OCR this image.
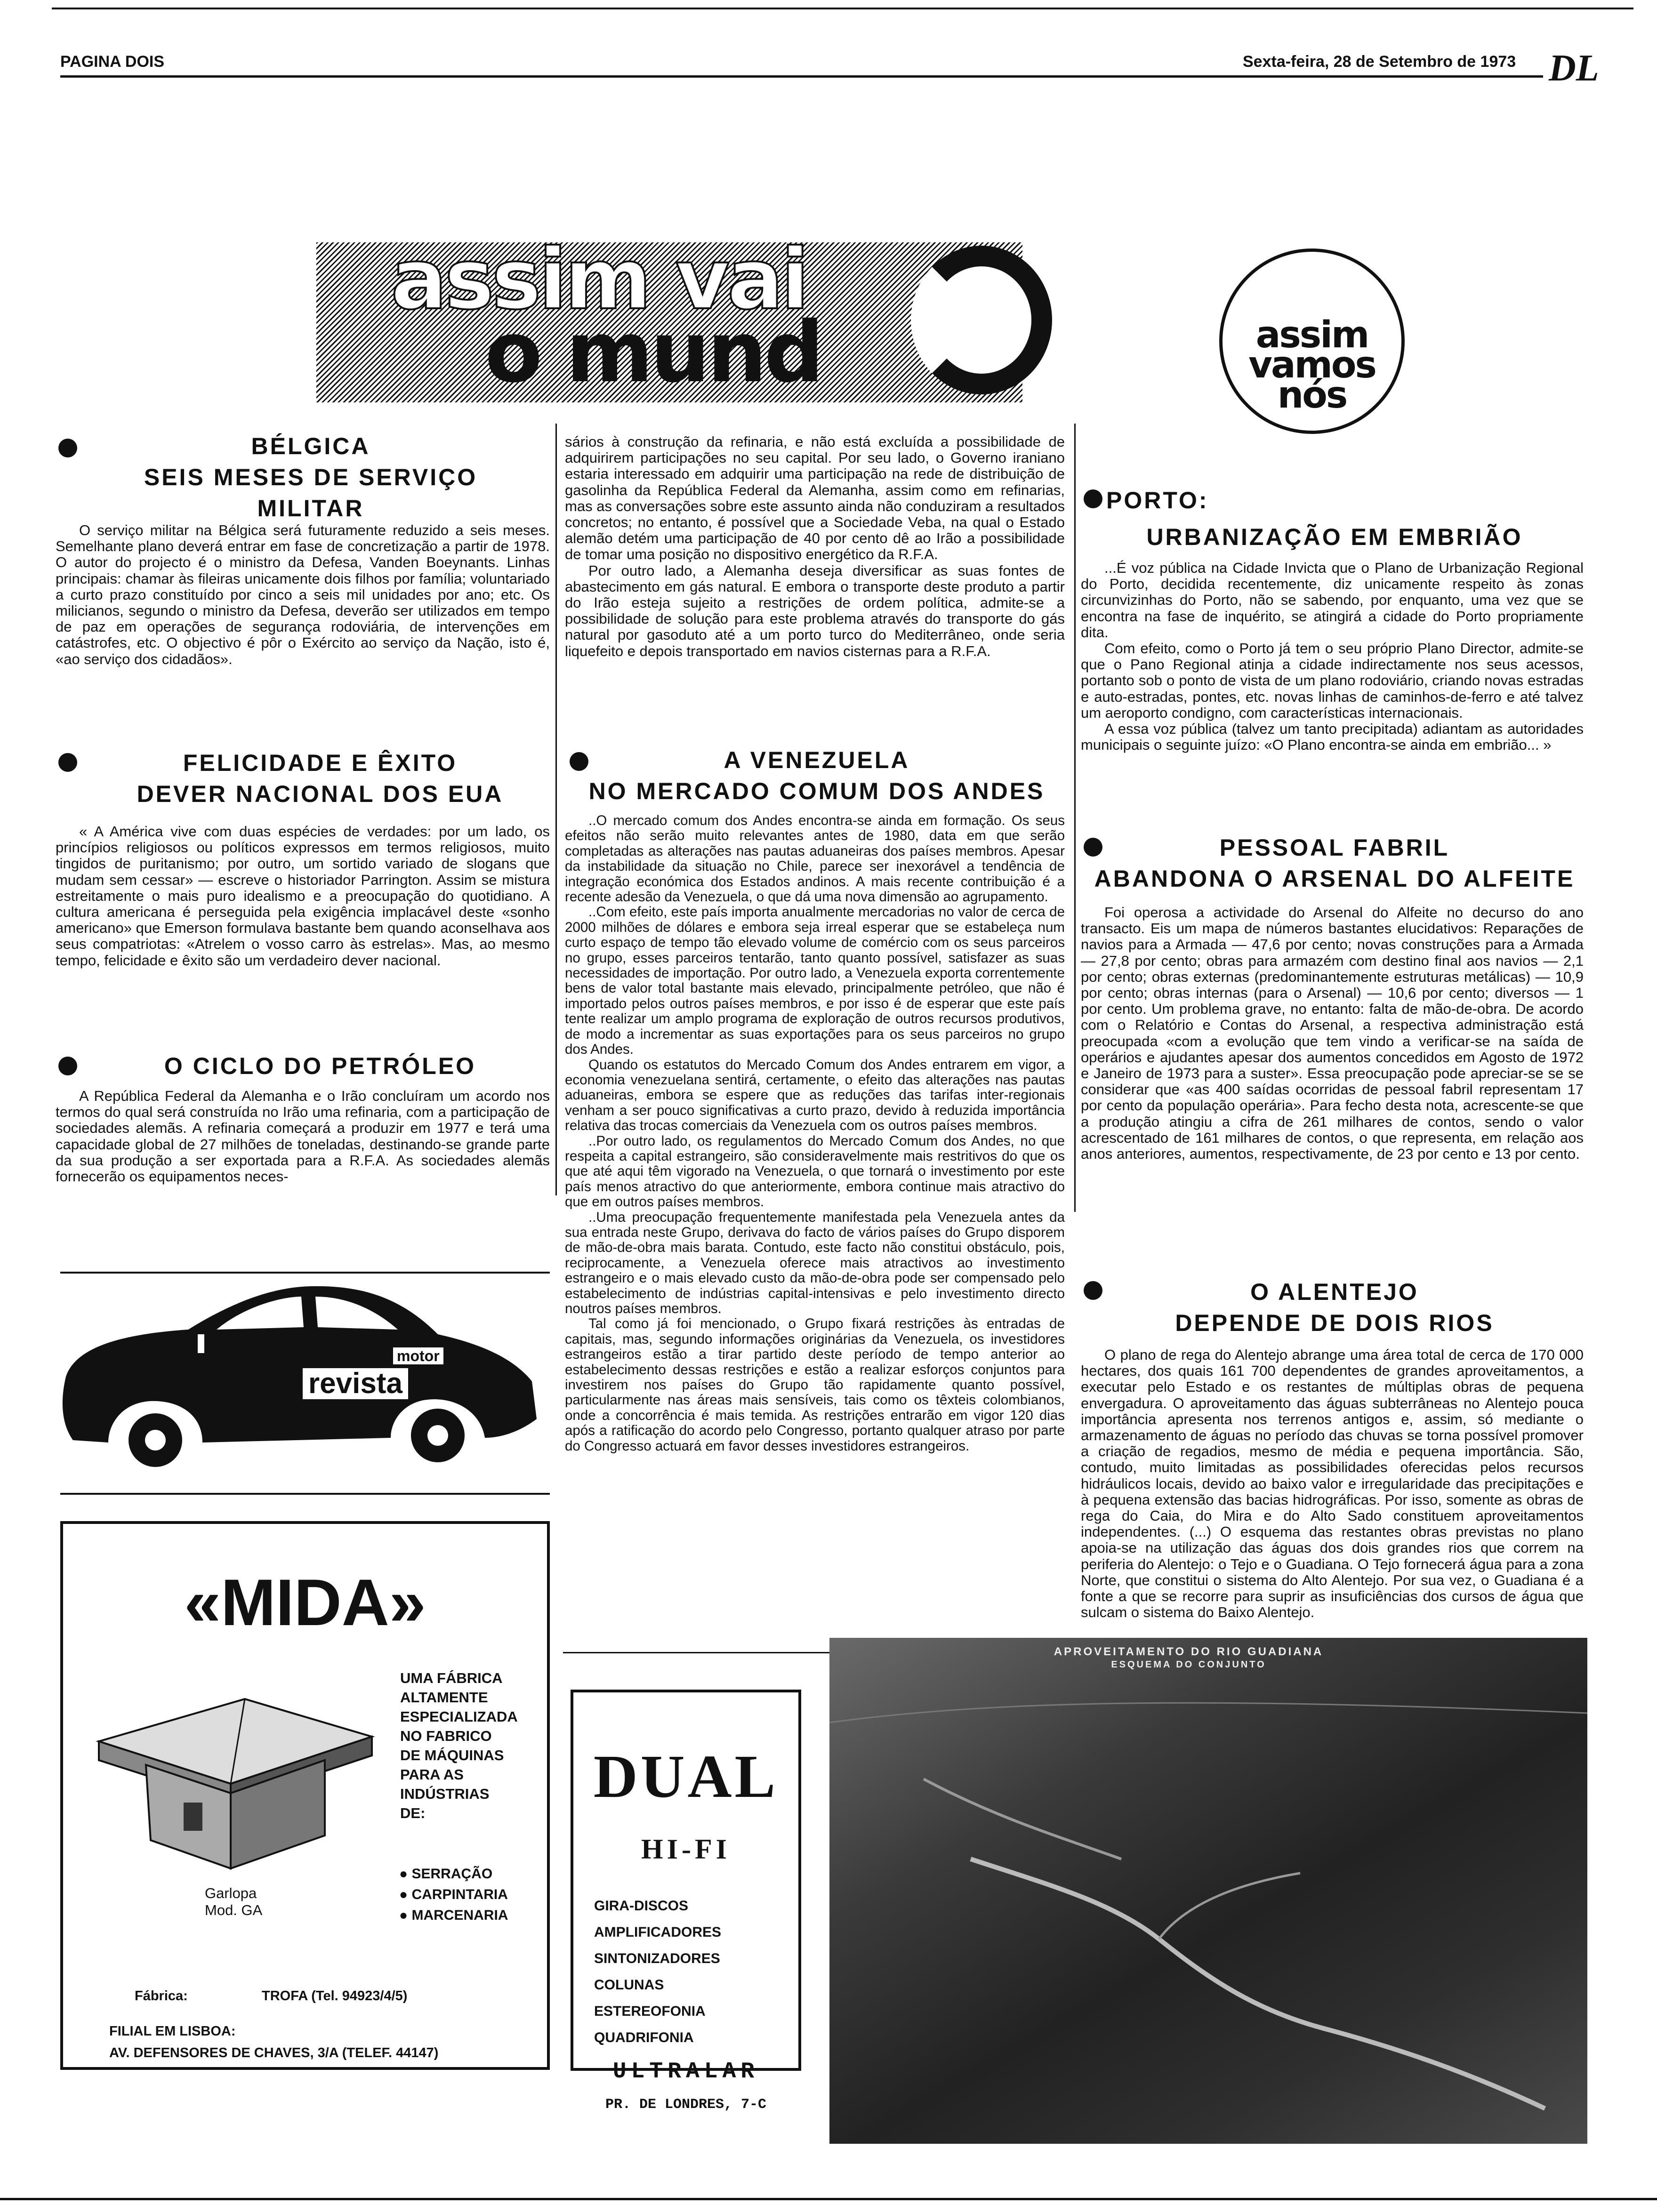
PAGINA DOIS	Sexta-feira, 28 de Setembro de 1973 DL
assim vai
o mund	assim
vamos
nós
BÉLGICA
SEIS MESES DE SERVIÇO
MILITAR

O serviço militar na Bélgica será futuramente reduzido a seis meses. Semelhante plano deverá entrar em fase de concretização a partir de 1978. O autor do projecto é o ministro da Defesa, Vanden Boeynants. Linhas principais: chamar às fileiras unicamente dois filhos por família; voluntariado a curto prazo constituído por cinco a seis mil unidades por ano; etc. Os milicianos, segundo o ministro da Defesa, deverão ser utilizados em tempo de paz em operações de segurança rodoviária, de intervenções em catástrofes, etc. O objectivo é pôr o Exército ao serviço da Nação, isto é, «ao serviço dos cidadãos».

FELICIDADE E ÊXITO
DEVER NACIONAL DOS EUA

« A América vive com duas espécies de verdades: por um lado, os princípios religiosos ou políticos expressos em termos religiosos, muito tingidos de puritanismo; por outro, um sortido variado de slogans que mudam sem cessar» — escreve o historiador Parrington. Assim se mistura estreitamente o mais puro idealismo e a preocupação do quotidiano. A cultura americana é perseguida pela exigência implacável deste «sonho americano» que Emerson formulava bastante bem quando aconselhava aos seus compatriotas: «Atrelem o vosso carro às estrelas». Mas, ao mesmo tempo, felicidade e êxito são um verdadeiro dever nacional.

O CICLO DO PETRÓLEO

A República Federal da Alemanha e o Irão concluíram um acordo nos termos do qual será construída no Irão uma refinaria, com a participação de sociedades alemãs. A refinaria começará a produzir em 1977 e terá uma capacidade global de 27 milhões de toneladas, destinando-se grande parte da sua produção a ser exportada para a R.F.A. As sociedades alemãs fornecerão os equipamentos neces-

sários à construção da refinaria, e não está excluída a possibilidade de adquirirem participações no seu capital. Por seu lado, o Governo iraniano estaria interessado em adquirir uma participação na rede de distribuição de gasolinha da República Federal da Alemanha, assim como em refinarias, mas as conversações sobre este assunto ainda não conduziram a resultados concretos; no entanto, é possível que a Sociedade Veba, na qual o Estado alemão detém uma participação de 40 por cento dê ao Irão a possibilidade de tomar uma posição no dispositivo energético da R.F.A.

Por outro lado, a Alemanha deseja diversificar as suas fontes de abastecimento em gás natural. E embora o transporte deste produto a partir do Irão esteja sujeito a restrições de ordem política, admite-se a possibilidade de solução para este problema através do transporte do gás natural por gasoduto até a um porto turco do Mediterrâneo, onde seria liquefeito e depois transportado em navios cisternas para a R.F.A.

A VENEZUELA
NO MERCADO COMUM DOS ANDES

..O mercado comum dos Andes encontra-se ainda em formação. Os seus efeitos não serão muito relevantes antes de 1980, data em que serão completadas as alterações nas pautas aduaneiras dos países membros. Apesar da instabilidade da situação no Chile, parece ser inexorável a tendência de integração económica dos Estados andinos. A mais recente contribuição é a recente adesão da Venezuela, o que dá uma nova dimensão ao agrupamento.

..Com efeito, este país importa anualmente mercadorias no valor de cerca de 2000 milhões de dólares e embora seja irreal esperar que se estabeleça num curto espaço de tempo tão elevado volume de comércio com os seus parceiros no grupo, esses parceiros tentarão, tanto quanto possível, satisfazer as suas necessidades de importação. Por outro lado, a Venezuela exporta correntemente bens de valor total bastante mais elevado, principalmente petróleo, que não é importado pelos outros países membros, e por isso é de esperar que este país tente realizar um amplo programa de exploração de outros recursos produtivos, de modo a incrementar as suas exportações para os seus parceiros no grupo dos Andes.

Quando os estatutos do Mercado Comum dos Andes entrarem em vigor, a economia venezuelana sentirá, certamente, o efeito das alterações nas pautas aduaneiras, embora se espere que as reduções das tarifas inter-regionais venham a ser pouco significativas a curto prazo, devido à reduzida importância relativa das trocas comerciais da Venezuela com os outros países membros.

..Por outro lado, os regulamentos do Mercado Comum dos Andes, no que respeita a capital estrangeiro, são consideravelmente mais restritivos do que os que até aqui têm vigorado na Venezuela, o que tornará o investimento por este país menos atractivo do que anteriormente, embora continue mais atractivo do que em outros países membros.

..Uma preocupação frequentemente manifestada pela Venezuela antes da sua entrada neste Grupo, derivava do facto de vários países do Grupo disporem de mão-de-obra mais barata. Contudo, este facto não constitui obstáculo, pois, reciprocamente, a Venezuela oferece mais atractivos ao investimento estrangeiro e o mais elevado custo da mão-de-obra pode ser compensado pelo estabelecimento de indústrias capital-intensivas e pelo investimento directo noutros países membros.

Tal como já foi mencionado, o Grupo fixará restrições às entradas de capitais, mas, segundo informações originárias da Venezuela, os investidores estrangeiros estão a tirar partido deste período de tempo anterior ao estabelecimento dessas restrições e estão a realizar esforços conjuntos para investirem nos países do Grupo tão rapidamente quanto possível, particularmente nas áreas mais sensíveis, tais como os têxteis colombianos, onde a concorrência é mais temida. As restrições entrarão em vigor 120 dias após a ratificação do acordo pelo Congresso, portanto qualquer atraso por parte do Congresso actuará em favor desses investidores estrangeiros.

PORTO:
URBANIZAÇÃO EM EMBRIÃO

...É voz pública na Cidade Invicta que o Plano de Urbanização Regional do Porto, decidida recentemente, diz unicamente respeito às zonas circunvizinhas do Porto, não se sabendo, por enquanto, uma vez que se encontra na fase de inquérito, se atingirá a cidade do Porto propriamente dita.

Com efeito, como o Porto já tem o seu próprio Plano Director, admite-se que o Pano Regional atinja a cidade indirectamente nos seus acessos, portanto sob o ponto de vista de um plano rodoviário, criando novas estradas e auto-estradas, pontes, etc. novas linhas de caminhos-de-ferro e até talvez um aeroporto condigno, com características internacionais.

A essa voz pública (talvez um tanto precipitada) adiantam as autoridades municipais o seguinte juízo: «O Plano encontra-se ainda em embrião... »

PESSOAL FABRIL
ABANDONA O ARSENAL DO ALFEITE

Foi operosa a actividade do Arsenal do Alfeite no decurso do ano transacto. Eis um mapa de números bastantes elucidativos: Reparações de navios para a Armada — 47,6 por cento; novas construções para a Armada — 27,8 por cento; obras para armazém com destino final aos navios — 2,1 por cento; obras externas (predominantemente estruturas metálicas) — 10,9 por cento; obras internas (para o Arsenal) — 10,6 por cento; diversos — 1 por cento. Um problema grave, no entanto: falta de mão-de-obra. De acordo com o Relatório e Contas do Arsenal, a respectiva administração está preocupada «com a evolução que tem vindo a verificar-se na saída de operários e ajudantes apesar dos aumentos concedidos em Agosto de 1972 e Janeiro de 1973 para a suster». Essa preocupação pode apreciar-se se se considerar que «as 400 saídas ocorridas de pessoal fabril representam 17 por cento da população operária». Para fecho desta nota, acrescente-se que a produção atingiu a cifra de 261 milhares de contos, sendo o valor acrescentado de 161 milhares de contos, o que representa, em relação aos anos anteriores, aumentos, respectivamente, de 23 por cento e 13 por cento.

O ALENTEJO
DEPENDE DE DOIS RIOS

O plano de rega do Alentejo abrange uma área total de cerca de 170 000 hectares, dos quais 161 700 dependentes de grandes aproveitamentos, a executar pelo Estado e os restantes de múltiplas obras de pequena envergadura. O aproveitamento das águas subterrâneas no Alentejo pouca importância apresenta nos terrenos antigos e, assim, só mediante o armazenamento de águas no período das chuvas se torna possível promover a criação de regadios, mesmo de média e pequena importância. São, contudo, muito limitadas as possibilidades oferecidas pelos recursos hidráulicos locais, devido ao baixo valor e irregularidade das precipitações e à pequena extensão das bacias hidrográficas. Por isso, somente as obras de rega do Caia, do Mira e do Alto Sado constituem aproveitamentos independentes. (...) O esquema das restantes obras previstas no plano apoia-se na utilização das águas dos dois grandes rios que correm na periferia do Alentejo: o Tejo e o Guadiana. O Tejo fornecerá água para a zona Norte, que constitui o sistema do Alto Alentejo. Por sua vez, o Guadiana é a fonte a que se recorre para suprir as insuficiências dos cursos de água que sulcam o sistema do Baixo Alentejo.

motor
revista
«MIDA»
UMA FÁBRICA
ALTAMENTE
ESPECIALIZADA
NO FABRICO
DE MÁQUINAS
PARA AS
INDÚSTRIAS
DE:
● SERRAÇÃO
● CARPINTARIA
● MARCENARIA
Garlopa
Mod. GA
Fábrica:	TROFA (Tel. 94923/4/5)
FILIAL EM LISBOA:
AV. DEFENSORES DE CHAVES, 3/A (TELEF. 44147)
DUAL
HI-FI
GIRA-DISCOS
AMPLIFICADORES
SINTONIZADORES
COLUNAS
ESTEREOFONIA
QUADRIFONIA
ULTRALAR
PR. DE LONDRES, 7-C
APROVEITAMENTO DO RIO GUADIANA
ESQUEMA DO CONJUNTO
